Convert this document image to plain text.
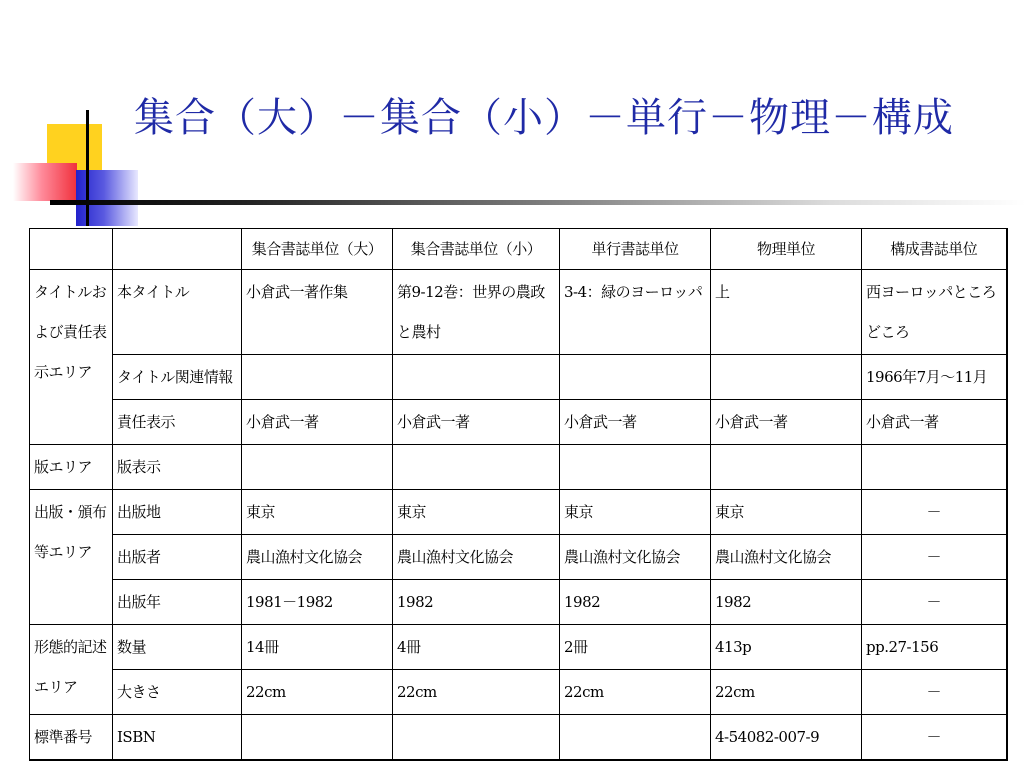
集合（大）－集合（小）－単行－物理－構成
		集合書誌単位（大）	集合書誌単位（小）	単行書誌単位	物理単位	構成書誌単位

タイトルお
よび責任表
示エリア	本タイトル	小倉武一著作集	第9-12巻：世界の農政と農村	3-4：緑のヨーロッパ	上	西ヨーロッパところどころ
	タイトル関連情報					1966年7月～11月
	責任表示	小倉武一著	小倉武一著	小倉武一著	小倉武一著	小倉武一著
版エリア	版表示					

出版・頒布
等エリア	出版地	東京	東京	東京	東京	－
	出版者	農山漁村文化協会	農山漁村文化協会	農山漁村文化協会	農山漁村文化協会	－
	出版年	1981－1982	1982	1982	1982	－

形態的記述
エリア	数量	14冊	4冊	2冊	413p	pp.27-156
	大きさ	22cm	22cm	22cm	22cm	－
標準番号	ISBN				4-54082-007-9	－
